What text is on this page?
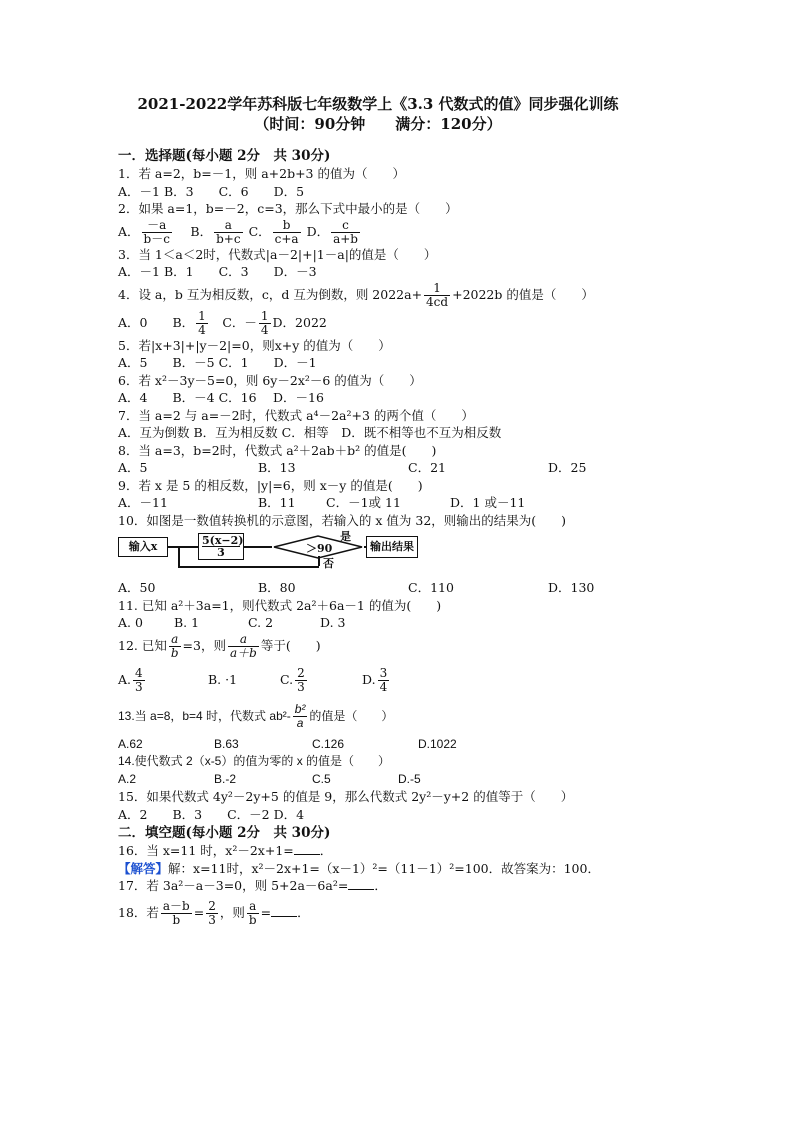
2021-2022学年苏科版七年级数学上《3.3 代数式的值》同步强化训练
（时间：90分钟　　满分：120分）
一．选择题(每小题 2分　共 30分)
1．若 a=2，b=－1，则 a+2b+3 的值为（　　）
A．－1 B．3　　C．6　　D．5
2．如果 a=1，b=－2，c=3，那么下式中最小的是（　　）
A． $\frac{-a}{b-c}$ 　B． $\frac{a}{b+c}$ C． $\frac{b}{c+a}$ D． $\frac{c}{a+b}$
3．当 1＜a＜2时，代数式|a－2|+|1－a|的值是（　　）
A．－1 B．1　　C．3　　D．－3
4．设 a，b 互为相反数，c，d 互为倒数，则 $2022a+ \frac{1}{4cd} +2022b$ 的值是（　　）
A．0　　B． $\frac{1}{4}$ 　C．－ $\frac{1}{4}$ D．2022
5．若|x+3|+|y－2|=0，则x+y 的值为（　　）
A．5　　B．－5 C．1　　D．－1
6．若 x²－3y－5=0，则 6y－2x²－6 的值为（　　）
A．4　　B．－4 C．16　 D．－16
7．当 a=2 与 a=－2时，代数式 a⁴－2a²+3 的两个值（　　）
A．互为倒数 B．互为相反数 C．相等　D．既不相等也不互为相反数
8．当 a=3，b=2时，代数式 a²＋2ab＋b² 的值是(　　)
A．5	B．13	C．21	D．25
9．若 x 是 5 的相反数，|y|=6，则 x－y 的值是(　　)
A．－11	B．11 C．－1或 11	D．1 或－11
10．如图是一数值转换机的示意图，若输入的 x 值为 32，则输出的结果为(　　)
输入x	5(x−2)
3	＞90
是
输出结果
否
A．50	B．80	C．110	D．130
11. 已知 a²＋3a=1，则代数式 2a²＋6a－1 的值为(　　)
A. 0 B. 1	C. 2	D. 3
12. 已知 $\frac{a}{b} =3$，则 $\frac{a}{a+b}$ 等于(　　)
A. $\frac{4}{3}$	B. ·1	C. $\frac{2}{3}$	D. $\frac{3}{4}$
13.当 a=8，b=4 时，代数式 $ab^2- \frac{\text{b²}}{a}$ 的值是（　　）
A.62	B.63	C.126	D.1022
14.使代数式 2（x-5）的值为零的 x 的值是（　　）
A.2	B.-2	C.5	D.-5
15．如果代数式 4y²－2y+5 的值是 9，那么代数式 2y²－y+2 的值等于（　　）
A．2　　B．3　　C．－2 D．4
二．填空题(每小题 2分　共 30分)
16．当 x=11 时，x²－2x+1= ．
【解答】解：x=11时，x²－2x+1=（x－1）²=（11－1）²=100．故答案为：100．
17．若 3a²－a－3=0，则 5+2a－6a²= ．
18．若 $\frac{a-b}{b} = \frac{2}{3}$ ，则 $\frac{a}{b}$ = ．
